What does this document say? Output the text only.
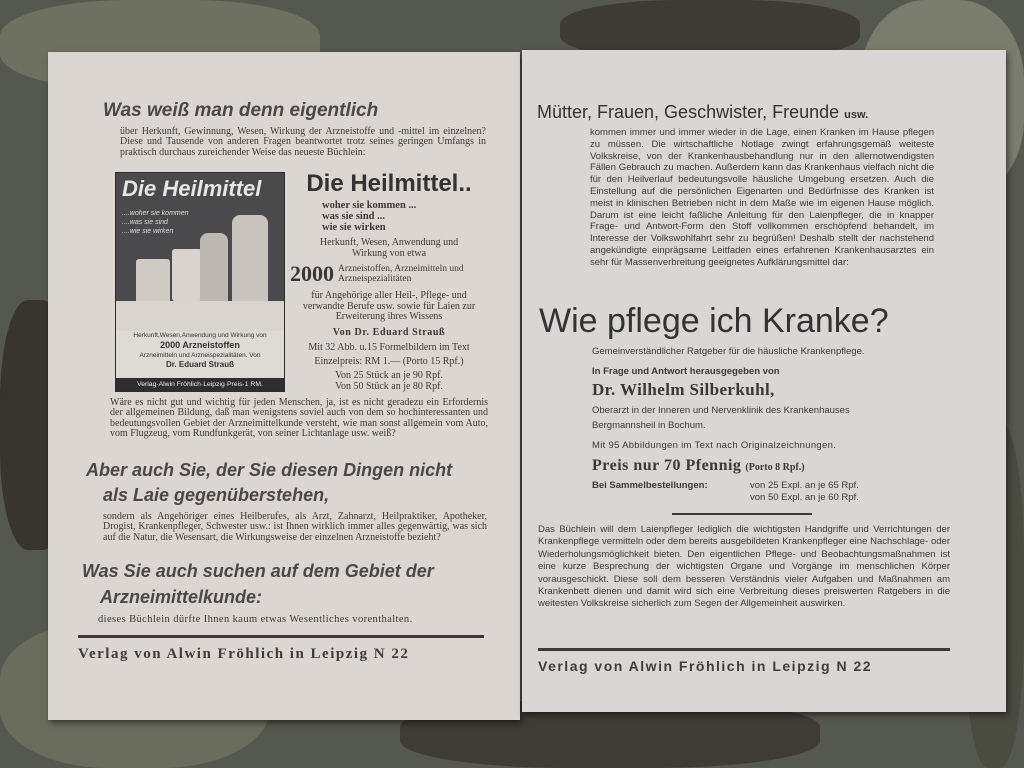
Was weiß man denn eigentlich
über Herkunft, Gewinnung, Wesen, Wirkung der Arzneistoffe und -mittel im einzelnen? Diese und Tausende von anderen Fragen beantwortet trotz seines geringen Umfangs in praktisch durchaus zureichender Weise das neueste Büchlein:
Die Heilmittel
....woher sie kommen
....was sie sind
....wie sie wirken
Herkunft,Wesen,Anwendung und Wirkung von
2000 Arzneistoffen
Arzneimitteln und Arzneispezialitäten. Von
Dr. Eduard Strauß
Verlag·Alwin Fröhlich·Leipzig·Preis·1 RM.
Die Heilmittel..
woher sie kommen ...
was sie sind ...
wie sie wirken
Herkunft, Wesen, Anwendung und Wirkung von etwa
2000 Arzneistoffen, Arzneimitteln und Arzneispezialitäten
für Angehörige aller Heil-, Pflege- und verwandte Berufe usw. sowie für Laien zur Erweiterung ihres Wissens
Von Dr. Eduard Strauß
Mit 32 Abb. u.15 Formelbildern im Text
Einzelpreis: RM 1.— (Porto 15 Rpf.)
Von 25 Stück an je 90 Rpf.
Von 50 Stück an je 80 Rpf.
Wäre es nicht gut und wichtig für jeden Menschen, ja, ist es nicht geradezu ein Erfordernis der allgemeinen Bildung, daß man wenigstens soviel auch von dem so hochinteressanten und bedeutungsvollen Gebiet der Arzneimittelkunde versteht, wie man sonst allgemein vom Auto, vom Flugzeug, vom Rundfunkgerät, von seiner Lichtanlage usw. weiß?
Aber auch Sie, der Sie diesen Dingen nicht
als Laie gegenüberstehen,
sondern als Angehöriger eines Heilberufes, als Arzt, Zahnarzt, Heilpraktiker, Apotheker, Drogist, Krankenpfleger, Schwester usw.: ist Ihnen wirklich immer alles gegenwärtig, was sich auf die Natur, die Wesensart, die Wirkungsweise der einzelnen Arzneistoffe bezieht?
Was Sie auch suchen auf dem Gebiet der
Arzneimittelkunde:
dieses Büchlein dürfte Ihnen kaum etwas Wesentliches vorenthalten.
Verlag von Alwin Fröhlich in Leipzig N 22
Mütter, Frauen, Geschwister, Freunde usw.
kommen immer und immer wieder in die Lage, einen Kranken im Hause pflegen zu müssen. Die wirtschaftliche Notlage zwingt erfahrungsgemäß weiteste Volkskreise, von der Krankenhausbehandlung nur in den allernotwendigsten Fällen Gebrauch zu machen. Außerdem kann das Krankenhaus vielfach nicht die für den Heilverlauf bedeutungsvolle häusliche Umgebung ersetzen. Auch die Einstellung auf die persönlichen Eigenarten und Bedürfnisse des Kranken ist meist in klinischen Betrieben nicht in dem Maße wie im eigenen Hause möglich. Darum ist eine leicht faßliche Anleitung für den Laienpfleger, die in knapper Frage- und Antwort-Form den Stoff vollkommen erschöpfend behandelt, im Interesse der Volkswohlfahrt sehr zu begrüßen! Deshalb stellt der nachstehend angekündigte einprägsame Leitfaden eines erfahrenen Krankenhausarztes ein sehr für Massenverbreitung geeignetes Aufklärungsmittel dar:
Wie pflege ich Kranke?
Gemeinverständlicher Ratgeber für die häusliche Krankenpflege.
In Frage und Antwort herausgegeben von
Dr. Wilhelm Silberkuhl,
Oberarzt in der Inneren und Nervenklinik des Krankenhauses
Bergmannsheil in Bochum.
Mit 95 Abbildungen im Text nach Originalzeichnungen.
Preis nur 70 Pfennig (Porto 8 Rpf.)
Bei Sammelbestellungen:	von 25 Expl. an je 65 Rpf.
von 50 Expl. an je 60 Rpf.
Das Büchlein will dem Laienpfleger lediglich die wichtigsten Handgriffe und Verrichtungen der Krankenpflege vermitteln oder dem bereits ausgebildeten Krankenpfleger eine Nachschlage- oder Wiederholungsmöglichkeit bieten. Den eigentlichen Pflege- und Beobachtungsmaßnahmen ist eine kurze Besprechung der wichtigsten Organe und Vorgänge im menschlichen Körper vorausgeschickt. Diese soll dem besseren Verständnis vieler Aufgaben und Maßnahmen am Krankenbett dienen und damit wird sich eine Verbreitung dieses preiswerten Ratgebers in die weitesten Volkskreise sicherlich zum Segen der Allgemeinheit auswirken.
Verlag von Alwin Fröhlich in Leipzig N 22
